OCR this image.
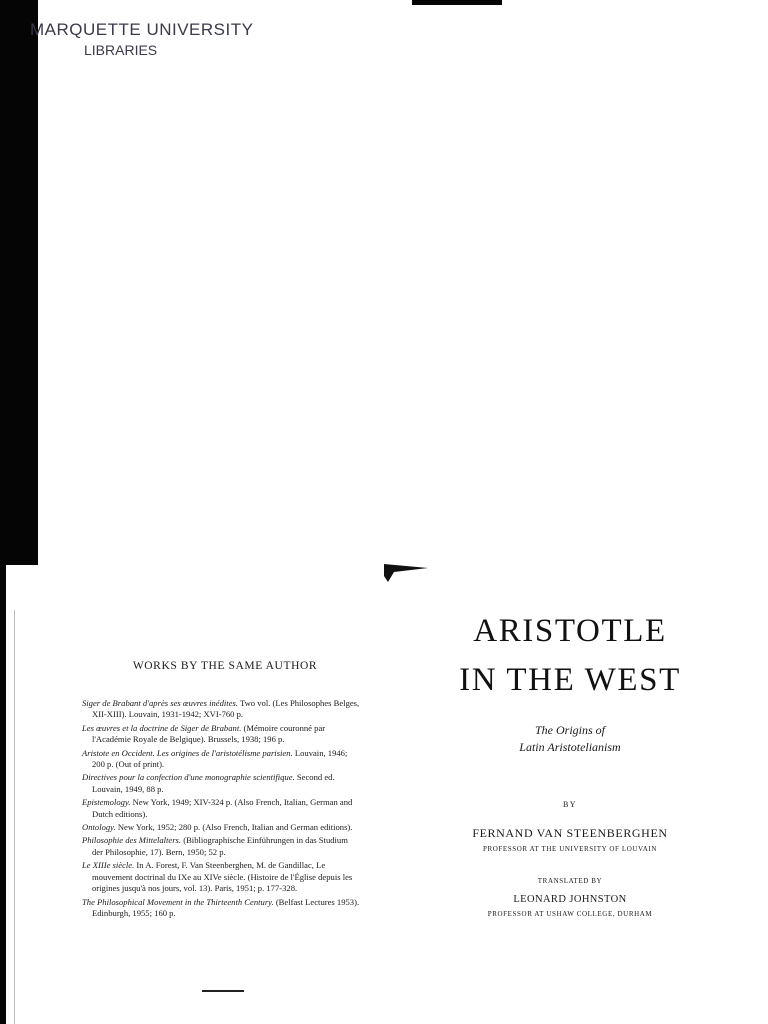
MARQUETTE UNIVERSITY
LIBRARIES
WORKS BY THE SAME AUTHOR
Siger de Brabant d'après ses œuvres inédites. Two vol. (Les Philosophes Belges, XII-XIII). Louvain, 1931-1942; XVI-760 p.
Les œuvres et la doctrine de Siger de Brabant. (Mémoire couronné par l'Académie Royale de Belgique). Brussels, 1938; 196 p.
Aristote en Occident. Les origines de l'aristotélisme parisien. Louvain, 1946; 200 p. (Out of print).
Directives pour la confection d'une monographie scientifique. Second ed. Louvain, 1949, 88 p.
Epistemology. New York, 1949; XIV-324 p. (Also French, Italian, German and Dutch editions).
Ontology. New York, 1952; 280 p. (Also French, Italian and German editions).
Philosophie des Mittelalters. (Bibliographische Einführungen in das Studium der Philosophie, 17). Bern, 1950; 52 p.
Le XIIIe siècle. In A. Forest, F. Van Steenberghen, M. de Gandillac, Le mouvement doctrinal du IXe au XIVe siècle. (Histoire de l'Église depuis les origines jusqu'à nos jours, vol. 13). Paris, 1951; p. 177-328.
The Philosophical Movement in the Thirteenth Century. (Belfast Lectures 1953). Edinburgh, 1955; 160 p.
ARISTOTLE
IN THE WEST
The Origins of
Latin Aristotelianism
BY
FERNAND VAN STEENBERGHEN
PROFESSOR AT THE UNIVERSITY OF LOUVAIN
TRANSLATED BY
LEONARD JOHNSTON
PROFESSOR AT USHAW COLLEGE, DURHAM
